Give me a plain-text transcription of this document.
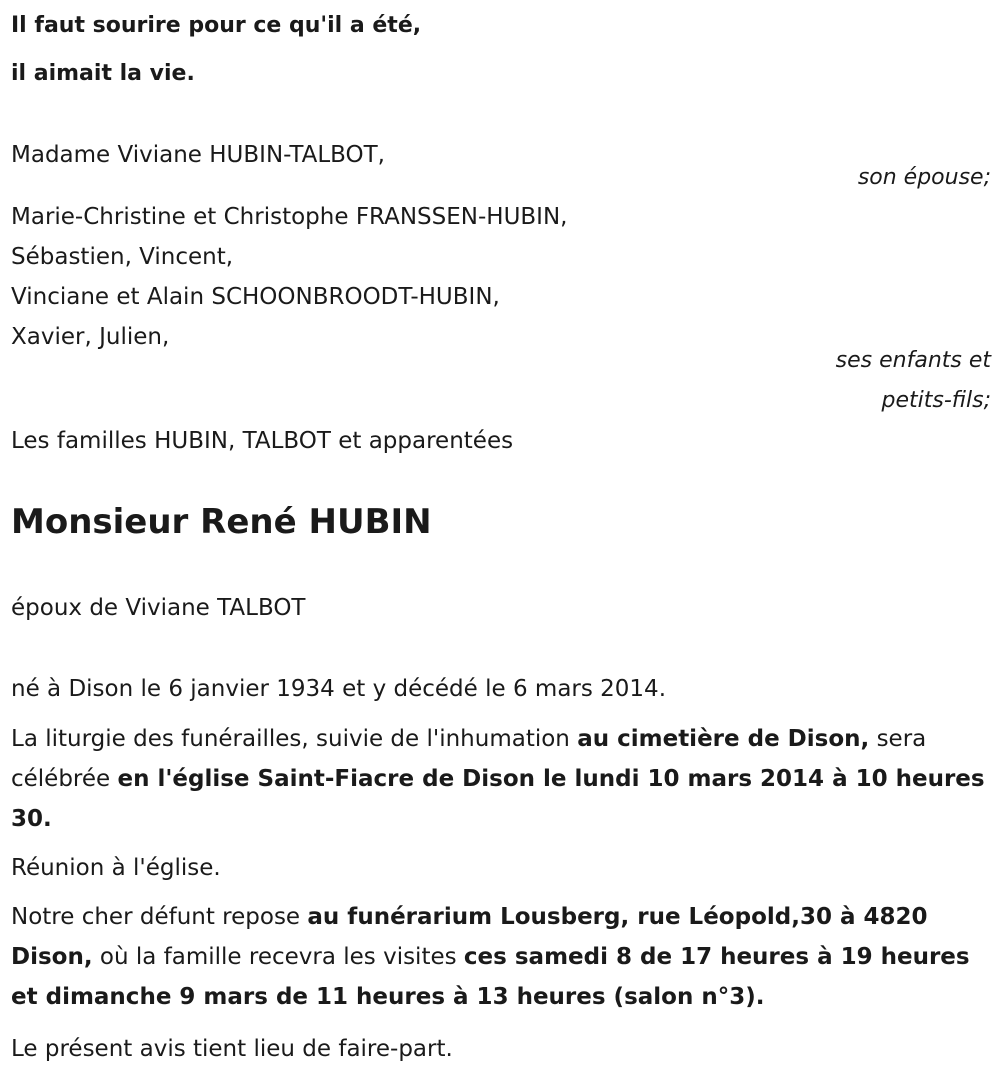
Il faut sourire pour ce qu'il a été,

il aimait la vie.

Madame Viviane HUBIN-TALBOT,
son épouse;
Marie-Christine et Christophe FRANSSEN-HUBIN,
Sébastien, Vincent,
Vinciane et Alain SCHOONBROODT-HUBIN,
Xavier, Julien,
ses enfants et
petits-fils;
Les familles HUBIN, TALBOT et apparentées
Monsieur René HUBIN
époux de Viviane TALBOT
né à Dison le 6 janvier 1934 et y décédé le 6 mars 2014.
La liturgie des funérailles, suivie de l'inhumation au cimetière de Dison, sera célébrée en l'église Saint-Fiacre de Dison le lundi 10 mars 2014 à 10 heures 30.
Réunion à l'église.
Notre cher défunt repose au funérarium Lousberg, rue Léopold,30 à 4820 Dison, où la famille recevra les visites ces samedi 8 de 17 heures à 19 heures et dimanche 9 mars de 11 heures à 13 heures (salon n°3).
Le présent avis tient lieu de faire-part.
